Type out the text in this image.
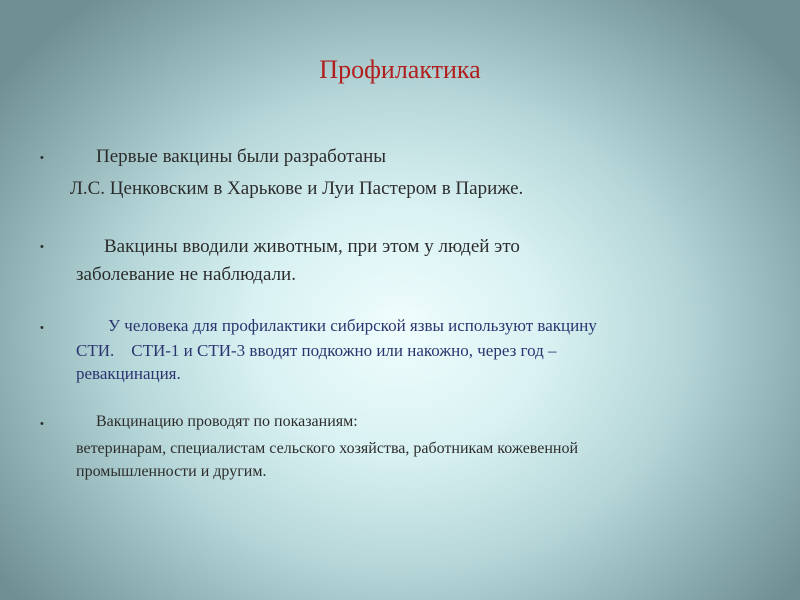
Профилактика
•	Первые вакцины были разработаны
Л.С. Ценковским в Харькове и Луи Пастером в Париже.
•	Вакцины вводили животным, при этом у людей это
заболевание не наблюдали.
•	У человека для профилактики сибирской язвы используют вакцину
СТИ.    СТИ-1 и СТИ-3 вводят подкожно или накожно, через год –
ревакцинация.
•	Вакцинацию проводят по показаниям:
ветеринарам, специалистам сельского хозяйства, работникам кожевенной
промышленности и другим.
